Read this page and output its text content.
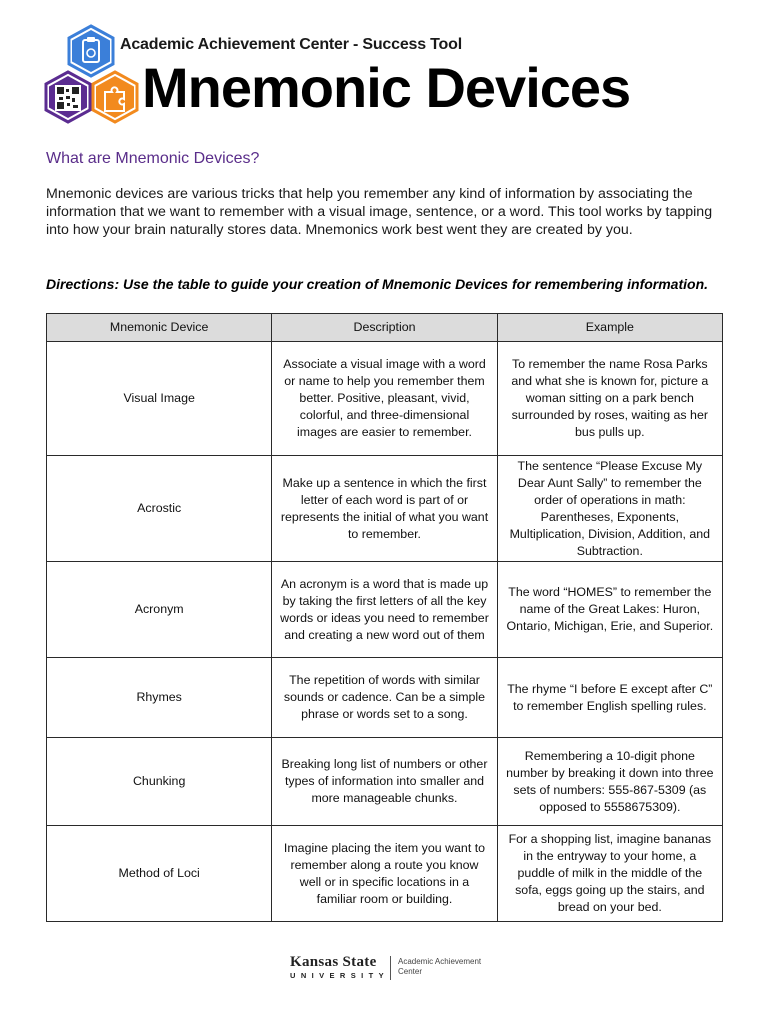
Academic Achievement Center - Success Tool
Mnemonic Devices
What are Mnemonic Devices?
Mnemonic devices are various tricks that help you remember any kind of information by associating the information that we want to remember with a visual image, sentence, or a word. This tool works by tapping into how your brain naturally stores data. Mnemonics work best went they are created by you.
Directions: Use the table to guide your creation of Mnemonic Devices for remembering information.
Mnemonic Device	Description	Example
Visual Image	Associate a visual image with a word or name to help you remember them better. Positive, pleasant, vivid, colorful, and three-dimensional images are easier to remember.	To remember the name Rosa Parks and what she is known for, picture a woman sitting on a park bench surrounded by roses, waiting as her bus pulls up.
Acrostic	Make up a sentence in which the first letter of each word is part of or represents the initial of what you want to remember.	The sentence “Please Excuse My Dear Aunt Sally” to remember the order of operations in math: Parentheses, Exponents, Multiplication, Division, Addition, and Subtraction.
Acronym	An acronym is a word that is made up by taking the first letters of all the key words or ideas you need to remember and creating a new word out of them	The word “HOMES” to remember the name of the Great Lakes: Huron, Ontario, Michigan, Erie, and Superior.
Rhymes	The repetition of words with similar sounds or cadence. Can be a simple phrase or words set to a song.	The rhyme “I before E except after C” to remember English spelling rules.
Chunking	Breaking long list of numbers or other types of information into smaller and more manageable chunks.	Remembering a 10-digit phone number by breaking it down into three sets of numbers: 555-867-5309 (as opposed to 5558675309).
Method of Loci	Imagine placing the item you want to remember along a route you know well or in specific locations in a familiar room or building.	For a shopping list, imagine bananas in the entryway to your home, a puddle of milk in the middle of the sofa, eggs going up the stairs, and bread on your bed.
Kansas State
UNIVERSITY
Academic Achievement Center
